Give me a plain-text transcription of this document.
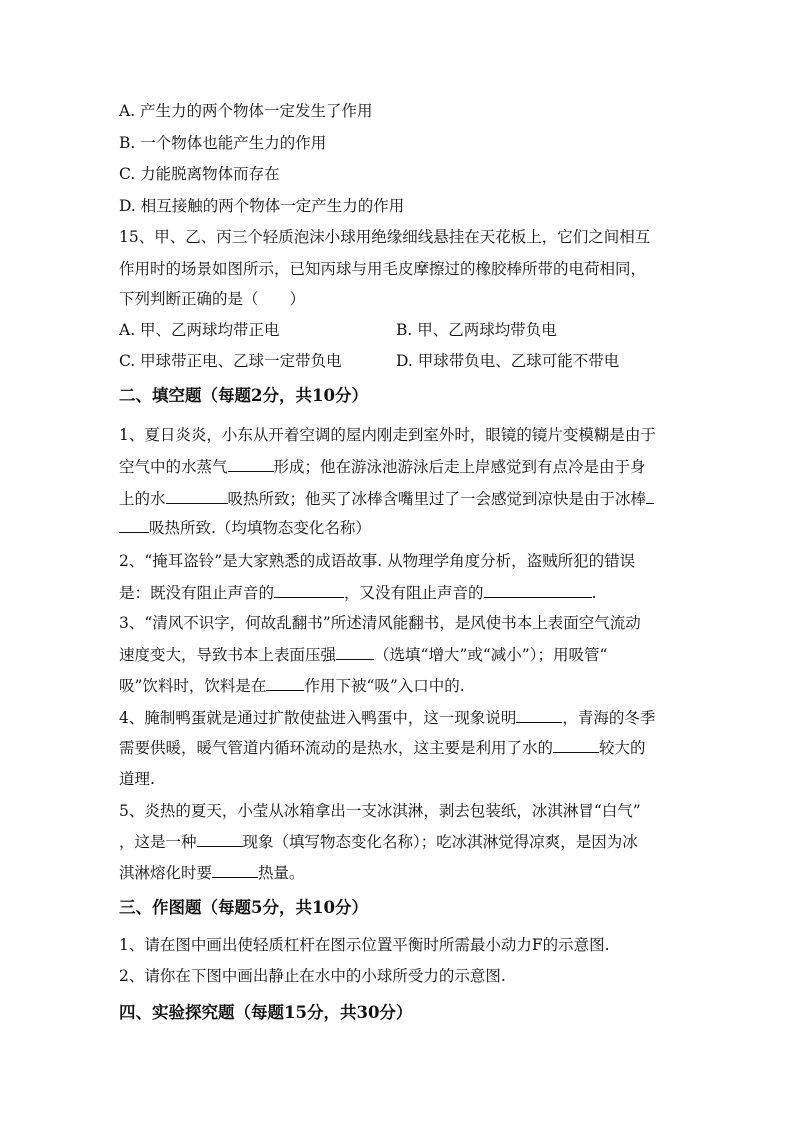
A. 产生力的两个物体一定发生了作用
B. 一个物体也能产生力的作用
C. 力能脱离物体而存在
D. 相互接触的两个物体一定产生力的作用
15、甲、乙、丙三个轻质泡沫小球用绝缘细线悬挂在天花板上，它们之间相互
作用时的场景如图所示，已知丙球与用毛皮摩擦过的橡胶棒所带的电荷相同，
下列判断正确的是（　　）
A. 甲、乙两球均带正电	B. 甲、乙两球均带负电
C. 甲球带正电、乙球一定带负电	D. 甲球带负电、乙球可能不带电
二、填空题（每题2分，共10分）
1、夏日炎炎，小东从开着空调的屋内刚走到室外时，眼镜的镜片变模糊是由于
空气中的水蒸气	形成；他在游泳池游泳后走上岸感觉到有点冷是由于身
上的水	吸热所致；他买了冰棒含嘴里过了一会感觉到凉快是由于冰棒
吸热所致.（均填物态变化名称）
2、“掩耳盗铃”是大家熟悉的成语故事. 从物理学角度分析，盗贼所犯的错误
是：既没有阻止声音的	，又没有阻止声音的	.
3、“清风不识字，何故乱翻书”所述清风能翻书，是风使书本上表面空气流动
速度变大，导致书本上表面压强 （选填“增大”或“减小”）；用吸管“
吸”饮料时，饮料是在 作用下被“吸”入口中的.
4、腌制鸭蛋就是通过扩散使盐进入鸭蛋中，这一现象说明	，青海的冬季
需要供暖，暖气管道内循环流动的是热水，这主要是利用了水的	较大的
道理.
5、炎热的夏天，小莹从冰箱拿出一支冰淇淋，剥去包装纸，冰淇淋冒“白气”
，这是一种	现象（填写物态变化名称）；吃冰淇淋觉得凉爽，是因为冰
淇淋熔化时要	热量。
三、作图题（每题5分，共10分）
1、请在图中画出使轻质杠杆在图示位置平衡时所需最小动力F的示意图.
2、请你在下图中画出静止在水中的小球所受力的示意图.
四、实验探究题（每题15分，共30分）
